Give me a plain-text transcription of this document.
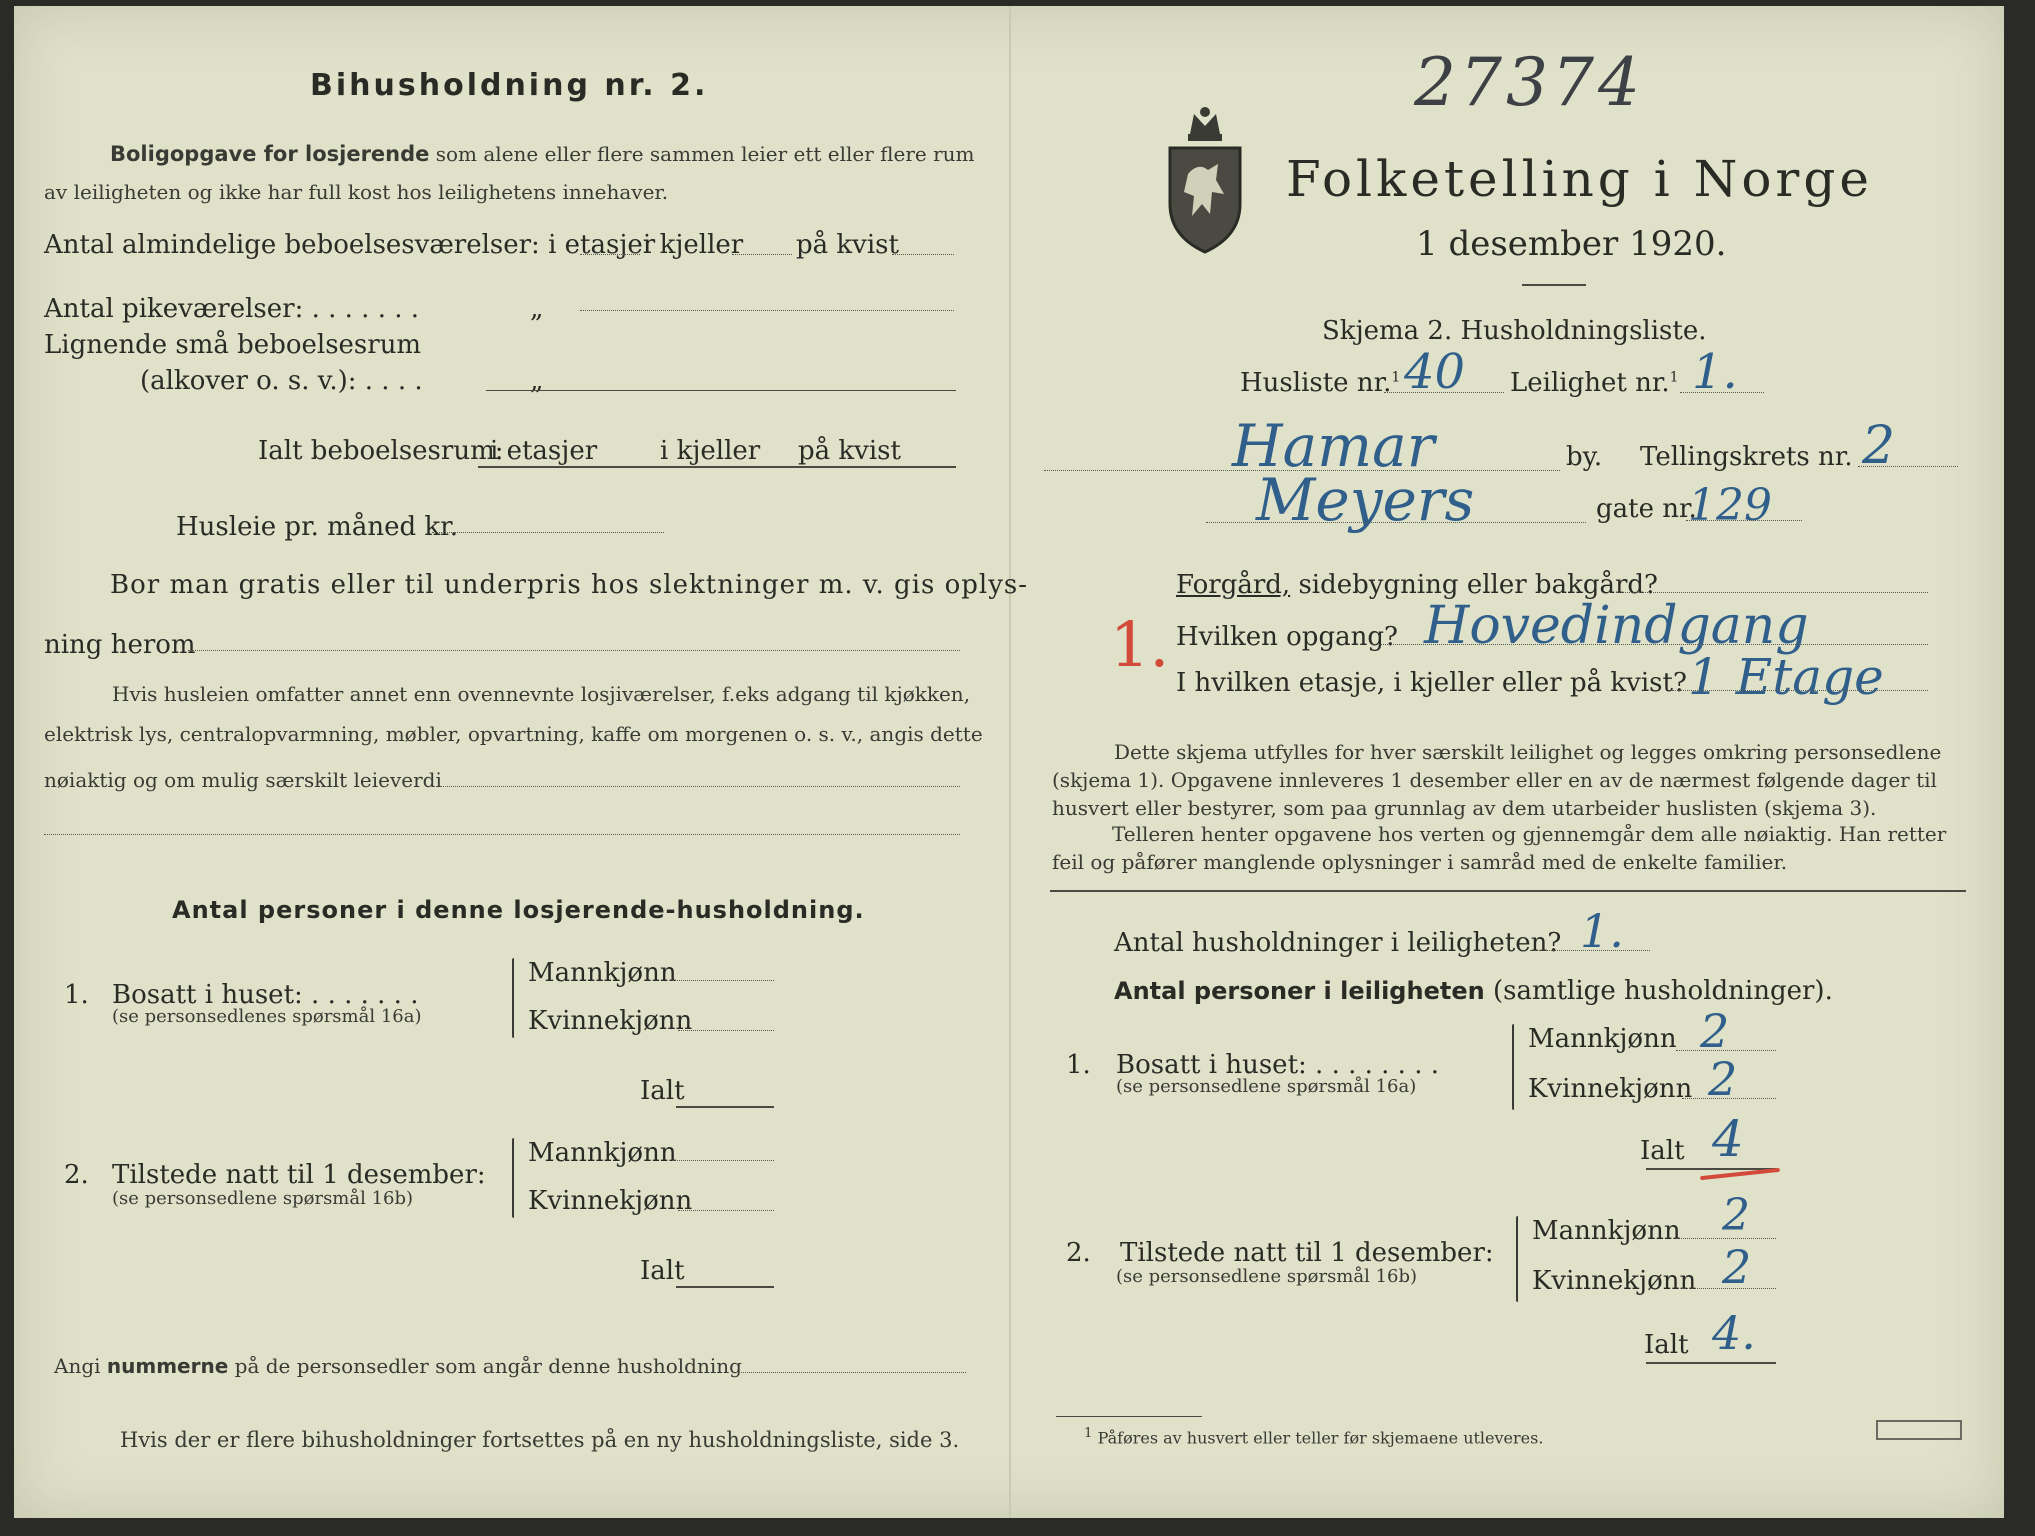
Bihusholdning nr. 2.
Boligopgave for losjerende som alene eller flere sammen leier ett eller flere rum
av leiligheten og ikke har full kost hos leilighetens innehaver.
Antal almindelige beboelsesværelser: i etasjer
i kjeller på kvist
Antal pikeværelser: . . . . . . .	„
Lignende små beboelsesrum
(alkover o. s. v.): . . . .	„
Ialt beboelsesrum:
i etasjer i kjeller på kvist
Husleie pr. måned kr.
Bor man gratis eller til underpris hos slektninger m. v. gis oplys-
ning herom
Hvis husleien omfatter annet enn ovennevnte losjiværelser, f.eks adgang til kjøkken,
elektrisk lys, centralopvarmning, møbler, opvartning, kaffe om morgenen o. s. v., angis dette
nøiaktig og om mulig særskilt leieverdi
Antal personer i denne losjerende-husholdning.
1. Bosatt i huset: . . . . . . .
(se personsedlenes spørsmål 16a)
Mannkjønn
Kvinnekjønn
Ialt
2. Tilstede natt til 1 desember:
(se personsedlene spørsmål 16b)
Mannkjønn
Kvinnekjønn
Ialt
Angi nummerne på de personsedler som angår denne husholdning
Hvis der er flere bihusholdninger fortsettes på en ny husholdningsliste, side 3.
27374
Folketelling i Norge
1 desember 1920.
Skjema 2. Husholdningsliste.
Husliste nr.$^1$ 40 Leilighet nr.$^1$ 1.
Hamar	by. Tellingskrets nr. 2
Meyers	gate nr.
129
Forgård, sidebygning eller bakgård?
1. Hvilken opgang? Hovedindgang
I hvilken etasje, i kjeller eller på kvist? 1 Etage
Dette skjema utfylles for hver særskilt leilighet og legges omkring personsedlene
(skjema 1). Opgavene innleveres 1 desember eller en av de nærmest følgende dager til
husvert eller bestyrer, som paa grunnlag av dem utarbeider huslisten (skjema 3).
Telleren henter opgavene hos verten og gjennemgår dem alle nøiaktig. Han retter
feil og påfører manglende oplysninger i samråd med de enkelte familier.
Antal husholdninger i leiligheten? 1.
Antal personer i leiligheten (samtlige husholdninger).
1. Bosatt i huset: . . . . . . . .
(se personsedlene spørsmål 16a)
Mannkjønn 2
Kvinnekjønn 2
Ialt 4
2. Tilstede natt til 1 desember:
(se personsedlene spørsmål 16b)
Mannkjønn 2
Kvinnekjønn 2
Ialt 4.
$^1$ Påføres av husvert eller teller før skjemaene utleveres.
